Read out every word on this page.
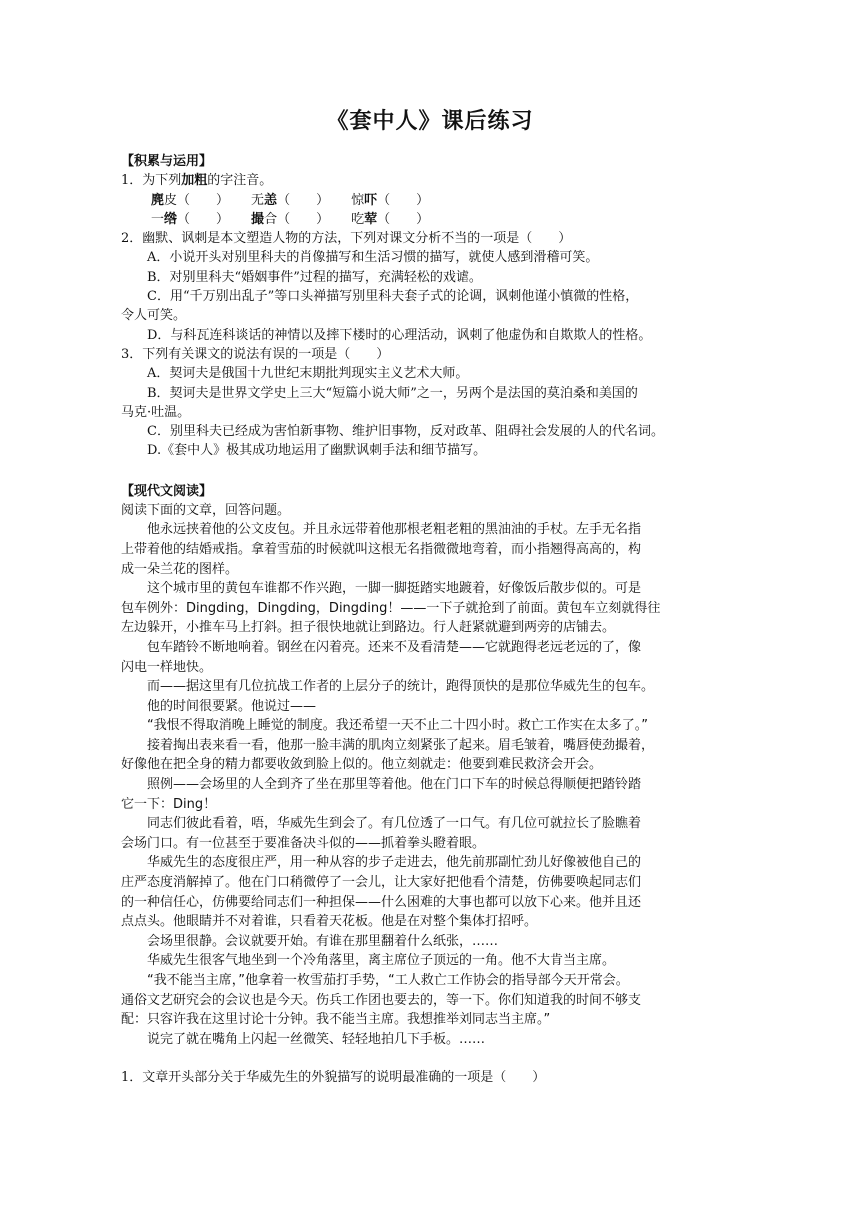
《套中人》课后练习
【积累与运用】
1．为下列加粗的字注音。
麂皮（　　） 无恙（　　） 惊吓（　　）
一绺（　　） 撮合（　　） 吃荤（　　）
2．幽默、讽刺是本文塑造人物的方法，下列对课文分析不当的一项是（　　）
A．小说开头对别里科夫的肖像描写和生活习惯的描写，就使人感到滑稽可笑。
B．对别里科夫“婚姻事件”过程的描写，充满轻松的戏谑。
C．用“千万别出乱子”等口头禅描写别里科夫套子式的论调，讽刺他谨小慎微的性格，
令人可笑。
D．与科瓦连科谈话的神情以及摔下楼时的心理活动，讽刺了他虚伪和自欺欺人的性格。
3．下列有关课文的说法有误的一项是（　　）
A．契诃夫是俄国十九世纪末期批判现实主义艺术大师。
B．契诃夫是世界文学史上三大“短篇小说大师”之一，另两个是法国的莫泊桑和美国的
马克·吐温。
C．别里科夫已经成为害怕新事物、维护旧事物，反对政革、阻碍社会发展的人的代名词。
D.《套中人》极其成功地运用了幽默讽刺手法和细节描写。
【现代文阅读】
阅读下面的文章，回答问题。
他永远挟着他的公文皮包。并且永远带着他那根老粗老粗的黑油油的手杖。左手无名指
上带着他的结婚戒指。拿着雪茄的时候就叫这根无名指微微地弯着，而小指翘得高高的，构
成一朵兰花的图样。
这个城市里的黄包车谁都不作兴跑，一脚一脚挺踏实地踱着，好像饭后散步似的。可是
包车例外：Dingding，Dingding，Dingding！——一下子就抢到了前面。黄包车立刻就得往
左边躲开，小推车马上打斜。担子很快地就让到路边。行人赶紧就避到两旁的店铺去。
包车踏铃不断地响着。钢丝在闪着亮。还来不及看清楚——它就跑得老远老远的了，像
闪电一样地快。
而——据这里有几位抗战工作者的上层分子的统计，跑得顶快的是那位华威先生的包车。
他的时间很要紧。他说过——
“我恨不得取消晚上睡觉的制度。我还希望一天不止二十四小时。救亡工作实在太多了。”
接着掏出表来看一看，他那一脸丰满的肌肉立刻紧张了起来。眉毛皱着，嘴唇使劲撮着，
好像他在把全身的精力都要收敛到脸上似的。他立刻就走：他要到难民救济会开会。
照例——会场里的人全到齐了坐在那里等着他。他在门口下车的时候总得顺便把踏铃踏
它一下：Ding！
同志们彼此看着，唔，华威先生到会了。有几位透了一口气。有几位可就拉长了脸瞧着
会场门口。有一位甚至于要准备决斗似的——抓着拳头瞪着眼。
华威先生的态度很庄严，用一种从容的步子走进去，他先前那副忙劲儿好像被他自己的
庄严态度消解掉了。他在门口稍微停了一会儿，让大家好把他看个清楚，仿佛要唤起同志们
的一种信任心，仿佛要给同志们一种担保——什么困难的大事也都可以放下心来。他并且还
点点头。他眼睛并不对着谁，只看着天花板。他是在对整个集体打招呼。
会场里很静。会议就要开始。有谁在那里翻着什么纸张，……
华威先生很客气地坐到一个冷角落里，离主席位子顶远的一角。他不大肯当主席。
“我不能当主席，”他拿着一枚雪茄打手势，“工人救亡工作协会的指导部今天开常会。
通俗文艺研究会的会议也是今天。伤兵工作团也要去的，等一下。你们知道我的时间不够支
配：只容许我在这里讨论十分钟。我不能当主席。我想推举刘同志当主席。”
说完了就在嘴角上闪起一丝微笑、轻轻地拍几下手板。……
1．文章开头部分关于华威先生的外貌描写的说明最准确的一项是（　　）
